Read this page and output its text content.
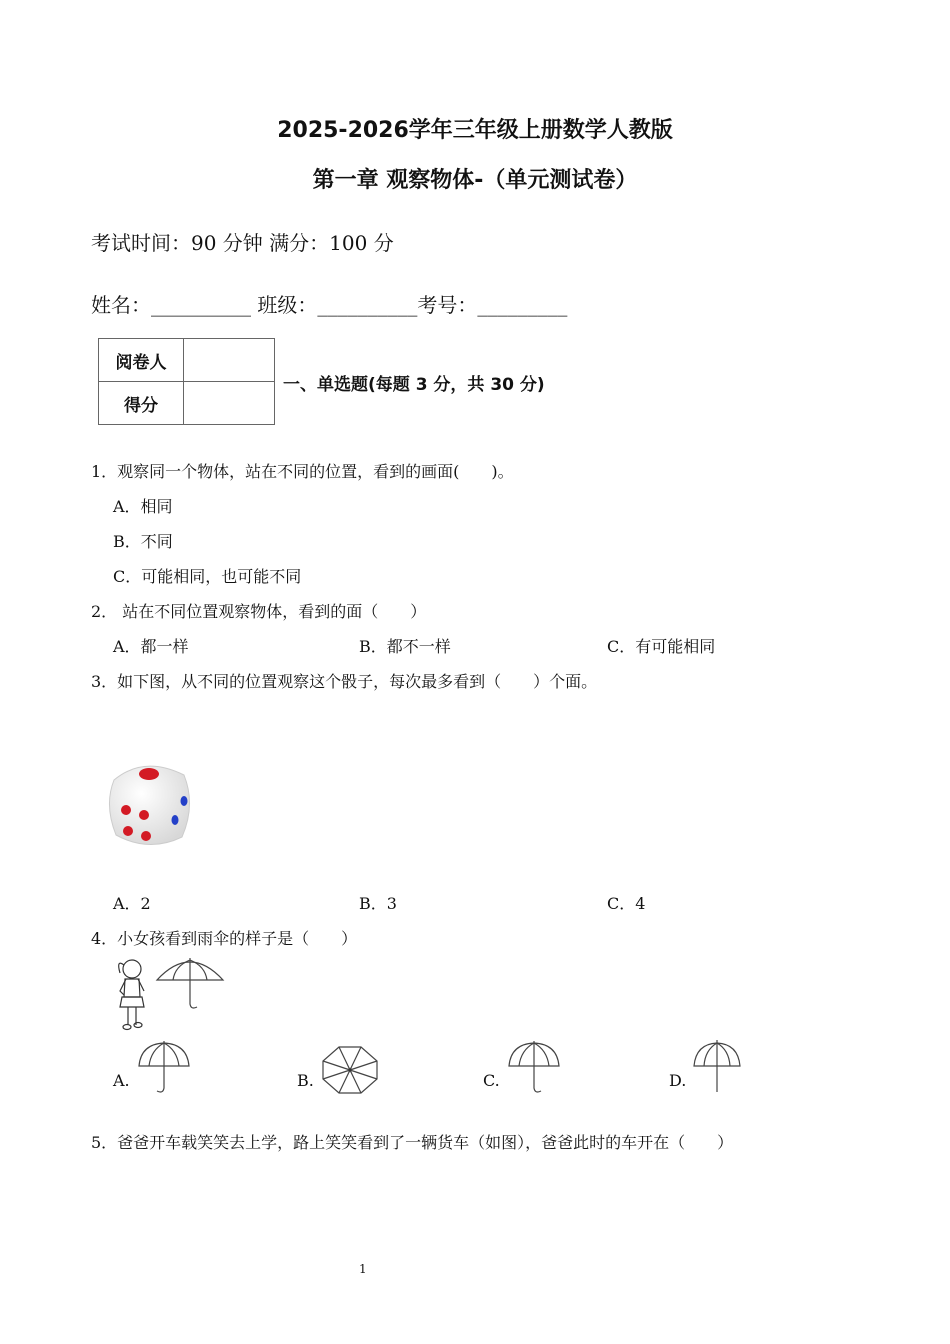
2025-2026学年三年级上册数学人教版
第一章 观察物体-（单元测试卷）
考试时间：90 分钟 满分：100 分
姓名：__________ 班级：__________考号：_________
阅卷人	
得分	
一、单选题(每题 3 分，共 30 分)
1．观察同一个物体，站在不同的位置，看到的画面(　　)。
A．相同
B．不同
C．可能相同，也可能不同
2． 站在不同位置观察物体，看到的面（　　）
A．都一样	B．都不一样	C．有可能相同
3．如下图，从不同的位置观察这个骰子，每次最多看到（　　）个面。
A．2	B．3	C．4
4．小女孩看到雨伞的样子是（　　）
A.	B.	C.	D.
5．爸爸开车载笑笑去上学，路上笑笑看到了一辆货车（如图），爸爸此时的车开在（　　）
1
